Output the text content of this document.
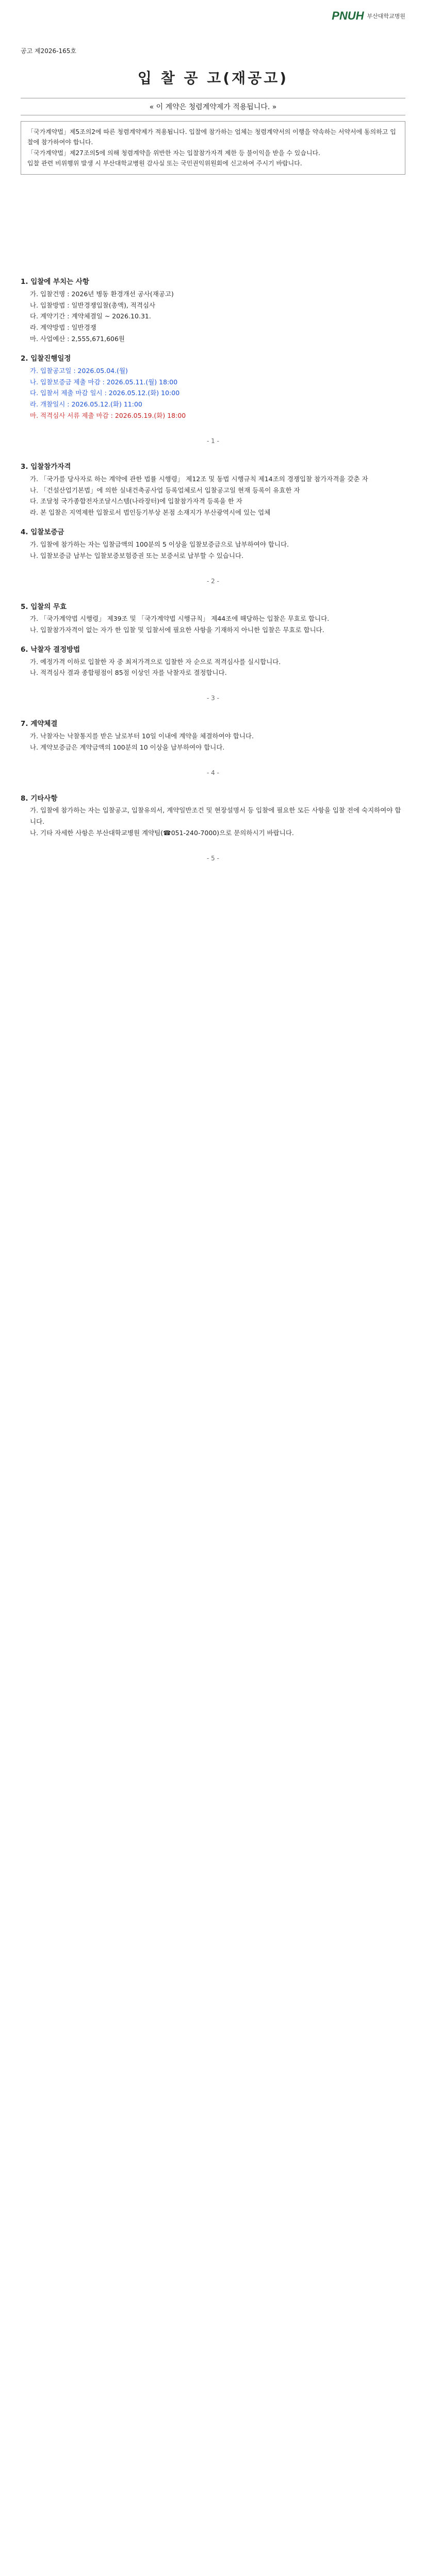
PNUH 부산대학교병원
공고 제2026-165호
입 찰 공 고(재공고)
« 이 계약은 청렴계약제가 적용됩니다. »
「국가계약법」제5조의2에 따른 청렴계약제가 적용됩니다. 입찰에 참가하는 업체는 청렴계약서의 이행을 약속하는 서약서에 동의하고 입찰에 참가하여야 합니다.
「국가계약법」제27조의5에 의해 청렴계약을 위반한 자는 입찰참가자격 제한 등 불이익을 받을 수 있습니다.
입찰 관련 비위행위 발생 시 부산대학교병원 감사실 또는 국민권익위원회에 신고하여 주시기 바랍니다.
1. 입찰에 부치는 사항
가. 입찰건명 : 2026년 병동 환경개선 공사(재공고)
나. 입찰방법 : 일반경쟁입찰(총액), 적격심사
다. 계약기간 : 계약체결일 ~ 2026.10.31.
라. 계약방법 : 일반경쟁
마. 사업예산 : 2,555,671,606원
2. 입찰진행일정
가. 입찰공고일 : 2026.05.04.(월)
나. 입찰보증금 제출 마감 : 2026.05.11.(월) 18:00
다. 입찰서 제출 마감 일시 : 2026.05.12.(화) 10:00
라. 개찰일시 : 2026.05.12.(화) 11:00
마. 적격심사 서류 제출 마감 : 2026.05.19.(화) 18:00
- 1 -
3. 입찰참가자격
가. 「국가를 당사자로 하는 계약에 관한 법률 시행령」 제12조 및 동법 시행규칙 제14조의 경쟁입찰 참가자격을 갖춘 자
나. 「건설산업기본법」에 의한 실내건축공사업 등록업체로서 입찰공고일 현재 등록이 유효한 자
다. 조달청 국가종합전자조달시스템(나라장터)에 입찰참가자격 등록을 한 자
라. 본 입찰은 지역제한 입찰로서 법인등기부상 본점 소재지가 부산광역시에 있는 업체
4. 입찰보증금
가. 입찰에 참가하는 자는 입찰금액의 100분의 5 이상을 입찰보증금으로 납부하여야 합니다.
나. 입찰보증금 납부는 입찰보증보험증권 또는 보증서로 납부할 수 있습니다.
- 2 -
5. 입찰의 무효
가. 「국가계약법 시행령」 제39조 및 「국가계약법 시행규칙」 제44조에 해당하는 입찰은 무효로 합니다.
나. 입찰참가자격이 없는 자가 한 입찰 및 입찰서에 필요한 사항을 기재하지 아니한 입찰은 무효로 합니다.
6. 낙찰자 결정방법
가. 예정가격 이하로 입찰한 자 중 최저가격으로 입찰한 자 순으로 적격심사를 실시합니다.
나. 적격심사 결과 종합평점이 85점 이상인 자를 낙찰자로 결정합니다.
- 3 -
7. 계약체결
가. 낙찰자는 낙찰통지를 받은 날로부터 10일 이내에 계약을 체결하여야 합니다.
나. 계약보증금은 계약금액의 100분의 10 이상을 납부하여야 합니다.
- 4 -
8. 기타사항
가. 입찰에 참가하는 자는 입찰공고, 입찰유의서, 계약일반조건 및 현장설명서 등 입찰에 필요한 모든 사항을 입찰 전에 숙지하여야 합니다.
나. 기타 자세한 사항은 부산대학교병원 계약팀(☎051-240-7000)으로 문의하시기 바랍니다.
- 5 -
